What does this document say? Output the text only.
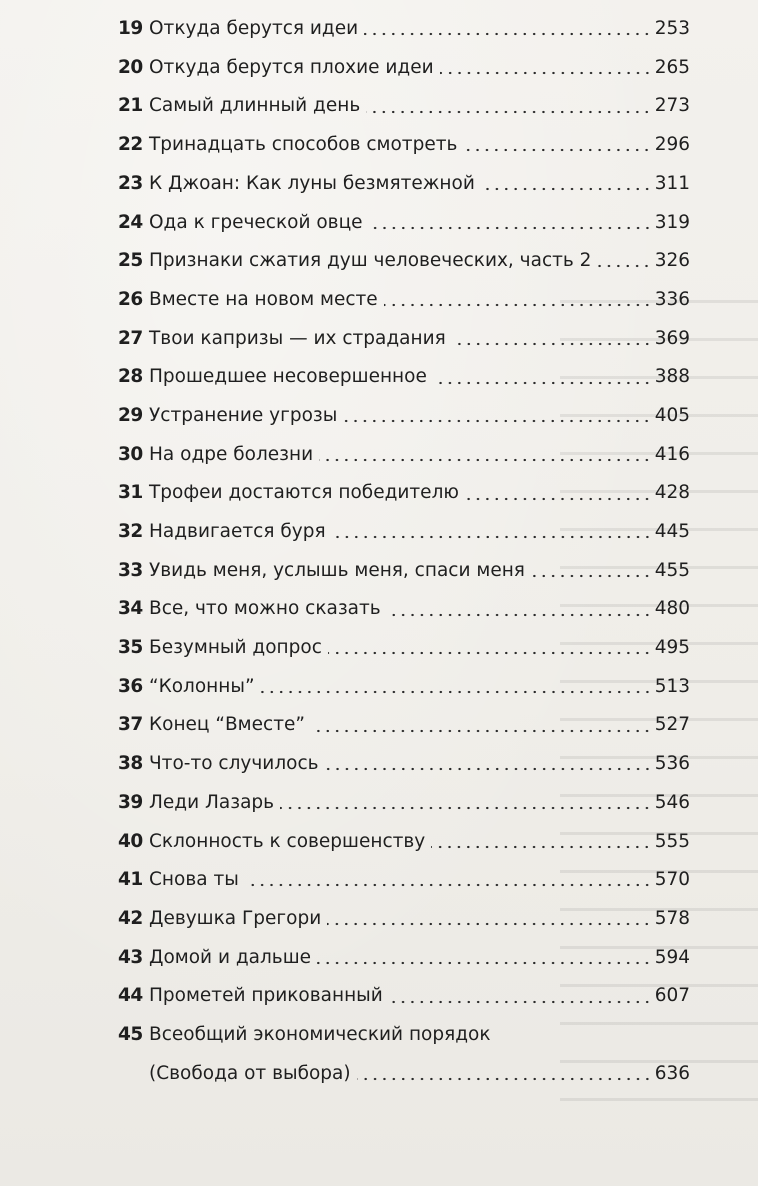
19 Откуда берутся идеи	253
20 Откуда берутся плохие идеи	265
21 Самый длинный день	273
22 Тринадцать способов смотреть	296
23 К Джоан: Как луны безмятежной	311
24 Ода к греческой овце	319
25 Признаки сжатия душ человеческих, часть 2	326
26 Вместе на новом месте	336
27 Твои капризы — их страдания	369
28 Прошедшее несовершенное	388
29 Устранение угрозы	405
30 На одре болезни	416
31 Трофеи достаются победителю	428
32 Надвигается буря	445
33 Увидь меня, услышь меня, спаси меня	455
34 Все, что можно сказать	480
35 Безумный допрос	495
36 “Колонны”	513
37 Конец “Вместе”	527
38 Что-то случилось	536
39 Леди Лазарь	546
40 Склонность к совершенству	555
41 Снова ты	570
42 Девушка Грегори	578
43 Домой и дальше	594
44 Прометей прикованный	607
45 Всеобщий экономический порядок
(Свобода от выбора)	636
